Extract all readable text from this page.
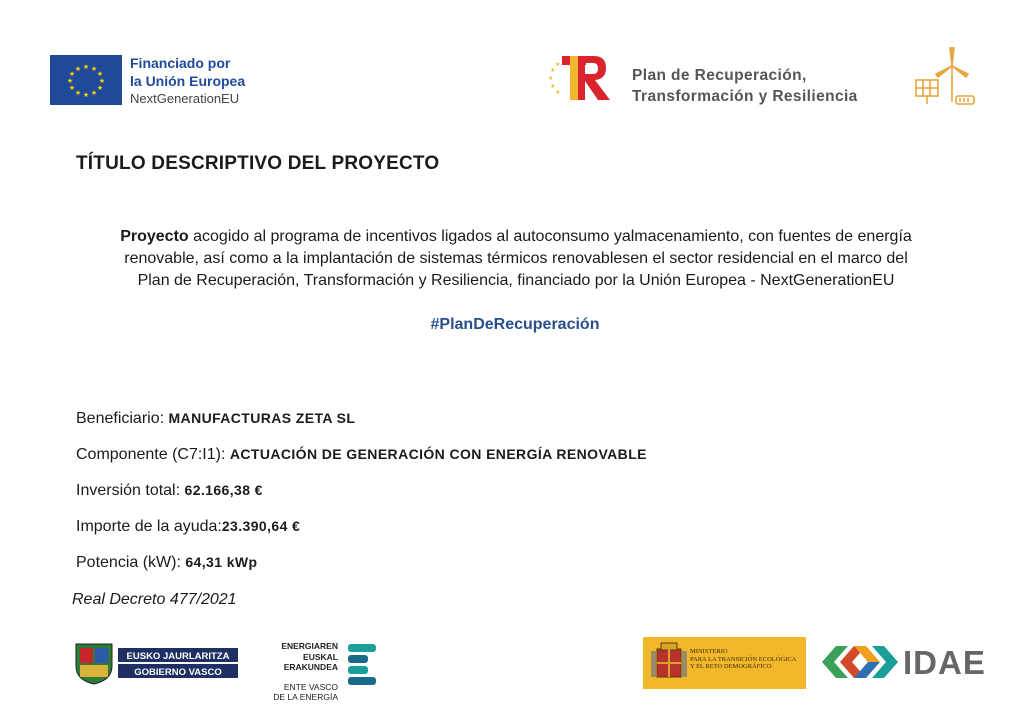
★ ★
★
★
★
★
★
★
★
★
★
★	Financiado por
la Unión Europea
NextGenerationEU
★
★
★
★
★
Plan de Recuperación,
Transformación y Resiliencia
TÍTULO DESCRIPTIVO DEL PROYECTO
Proyecto acogido al programa de incentivos ligados al autoconsumo yalmacenamiento, con fuentes de energía
renovable, así como a la implantación de sistemas térmicos renovablesen el sector residencial en el marco del
Plan de Recuperación, Transformación y Resiliencia, financiado por la Unión Europea - NextGenerationEU
#PlanDeRecuperación
Beneficiario: MANUFACTURAS ZETA SL
Componente (C7:I1): ACTUACIÓN DE GENERACIÓN CON ENERGÍA RENOVABLE
Inversión total: 62.166,38 €
Importe de la ayuda:23.390,64 €
Potencia (kW): 64,31 kWp
Real Decreto 477/2021
EUSKO JAURLARITZA
GOBIERNO VASCO
ENERGIAREN
EUSKAL ERAKUNDEA
ENTE VASCO
DE LA ENERGÍA
MINISTERIO
PARA LA TRANSICIÓN ECOLÓGICA
Y EL RETO DEMOGRÁFICO	IDAE
